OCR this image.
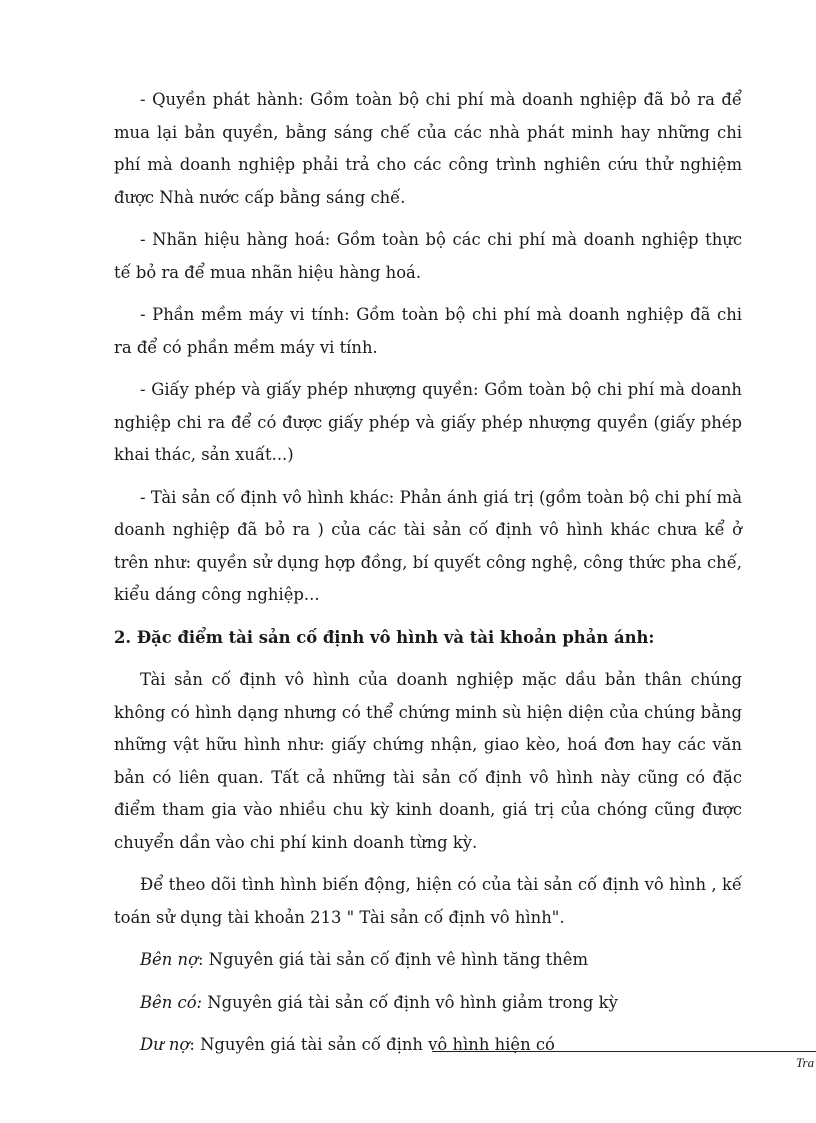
- Quyền phát hành: Gồm toàn bộ chi phí mà doanh nghiệp đã bỏ ra để mua lại bản quyền, bằng sáng chế của các nhà phát minh hay những chi phí mà doanh nghiệp phải trả cho các công trình nghiên cứu thử nghiệm được Nhà nước cấp bằng sáng chế.

- Nhãn hiệu hàng hoá: Gồm toàn bộ các chi phí mà doanh nghiệp thực tế bỏ ra để mua nhãn hiệu hàng hoá.

- Phần mềm máy vi tính: Gồm toàn bộ chi phí mà doanh nghiệp đã chi ra để có phần mềm máy vi tính.

- Giấy phép và giấy phép nhượng quyền: Gồm toàn bộ chi phí mà doanh nghiệp chi ra để có được giấy phép và giấy phép nhượng quyền (giấy phép khai thác, sản xuất...)

- Tài sản cố định vô hình khác: Phản ánh giá trị (gồm toàn bộ chi phí mà doanh nghiệp đã bỏ ra ) của các tài sản cố định vô hình khác chưa kể ở trên như: quyền sử dụng hợp đồng, bí quyết công nghệ, công thức pha chế, kiểu dáng công nghiệp...

2. Đặc điểm tài sản cố định vô hình và tài khoản phản ánh:

Tài sản cố định vô hình của doanh nghiệp mặc dầu bản thân chúng không có hình dạng nhưng có thể chứng minh sù hiện diện của chúng bằng những vật hữu hình như: giấy chứng nhận, giao kèo, hoá đơn hay các văn bản có liên quan. Tất cả những tài sản cố định vô hình này cũng có đặc điểm tham gia vào nhiều chu kỳ kinh doanh, giá trị của chóng cũng được chuyển dần vào chi phí kinh doanh từng kỳ.

Để theo dõi tình hình biến động, hiện có của tài sản cố định vô hình , kế toán sử dụng tài khoản 213 " Tài sản cố định vô hình".

Bên nợ: Nguyên giá tài sản cố định vê hình tăng thêm

Bên có: Nguyên giá tài sản cố định vô hình giảm trong kỳ

Dư nợ: Nguyên giá tài sản cố định vô hình hiện có

Tra
